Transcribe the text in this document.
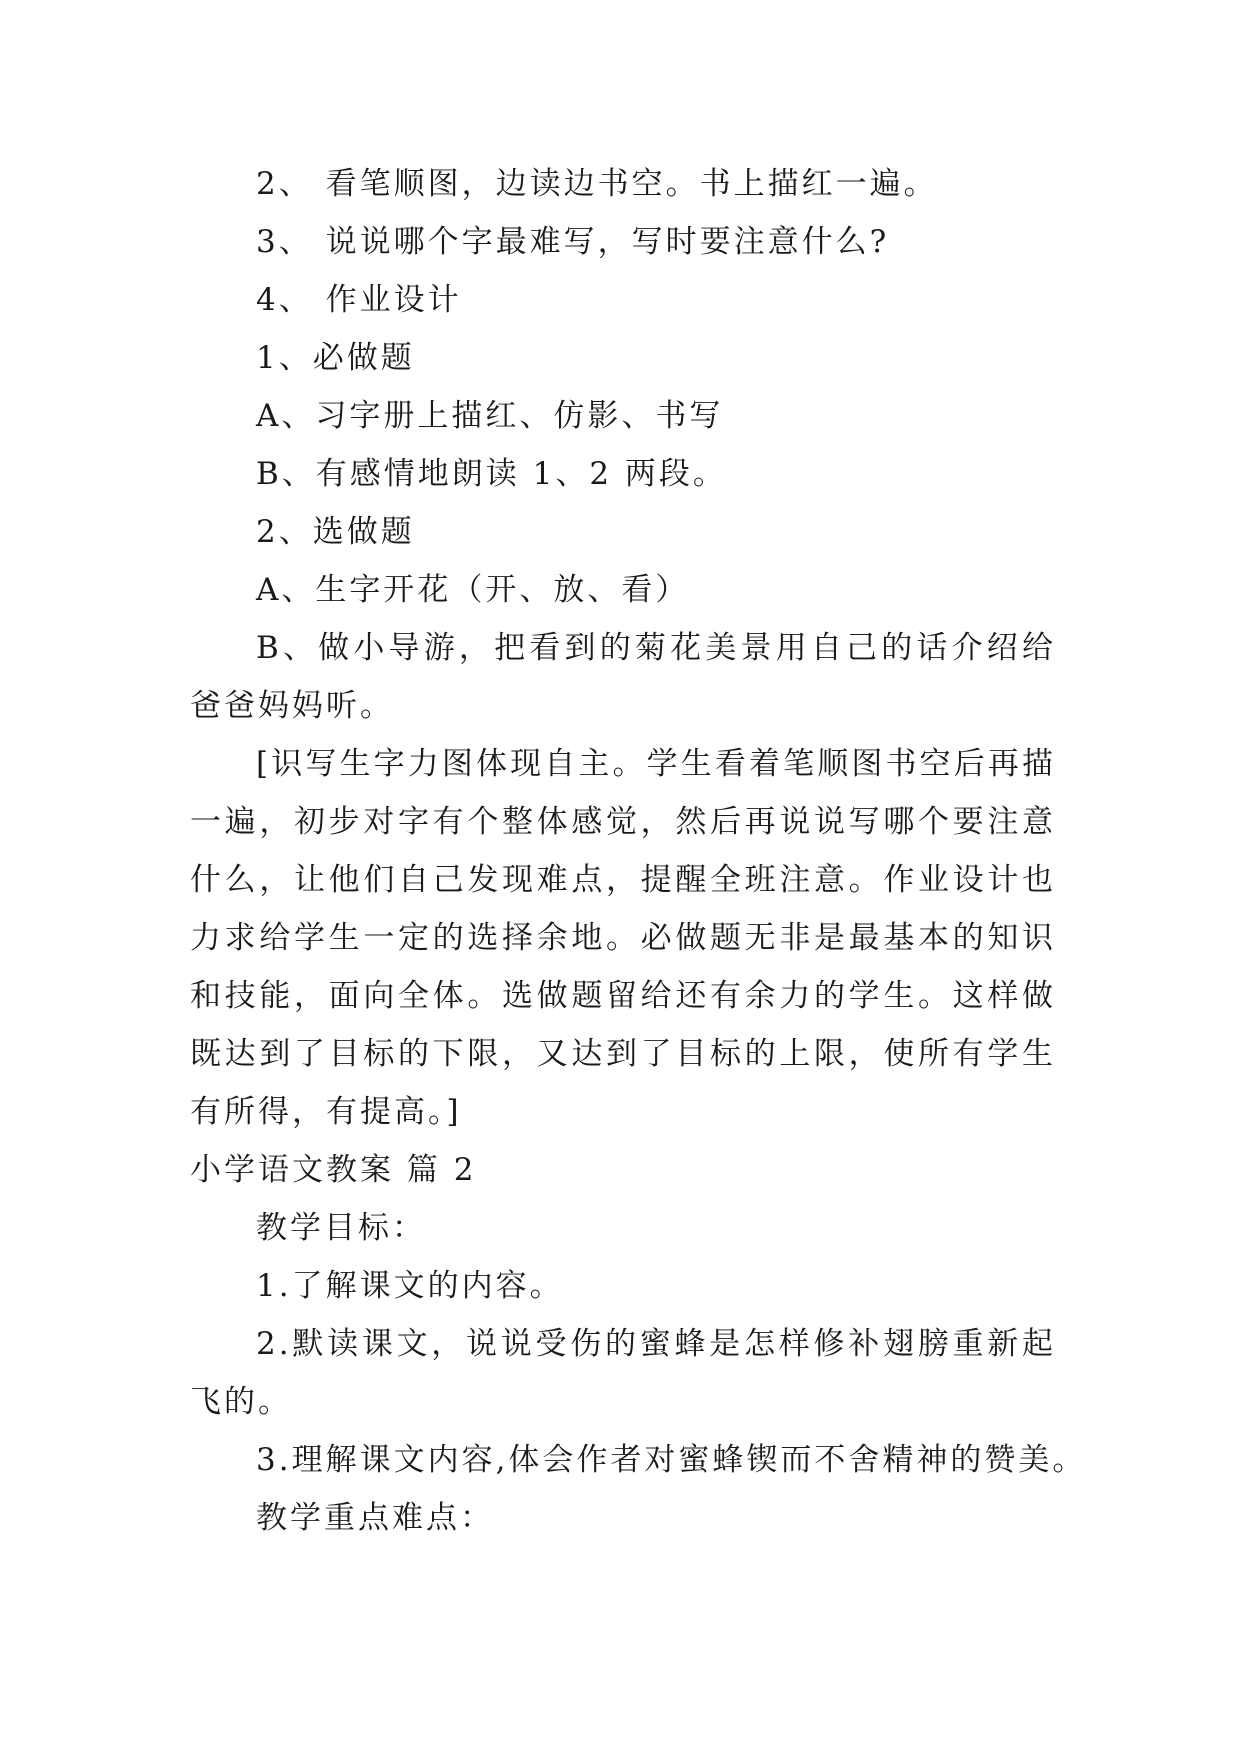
2、 看笔顺图，边读边书空。书上描红一遍。

3、 说说哪个字最难写，写时要注意什么?

4、 作业设计

1、必做题

A、习字册上描红、仿影、书写

B、有感情地朗读 1、2 两段。

2、选做题

A、生字开花（开、放、看）

B、做小导游，把看到的菊花美景用自己的话介绍给爸爸妈妈听。

[识写生字力图体现自主。学生看着笔顺图书空后再描一遍，初步对字有个整体感觉，然后再说说写哪个要注意什么，让他们自己发现难点，提醒全班注意。作业设计也力求给学生一定的选择余地。必做题无非是最基本的知识和技能，面向全体。选做题留给还有余力的学生。这样做既达到了目标的下限，又达到了目标的上限，使所有学生有所得，有提高。]

小学语文教案 篇 2

教学目标：

1.了解课文的内容。

2.默读课文，说说受伤的蜜蜂是怎样修补翅膀重新起飞的。

3.理解课文内容,体会作者对蜜蜂锲而不舍精神的赞美。

教学重点难点：
